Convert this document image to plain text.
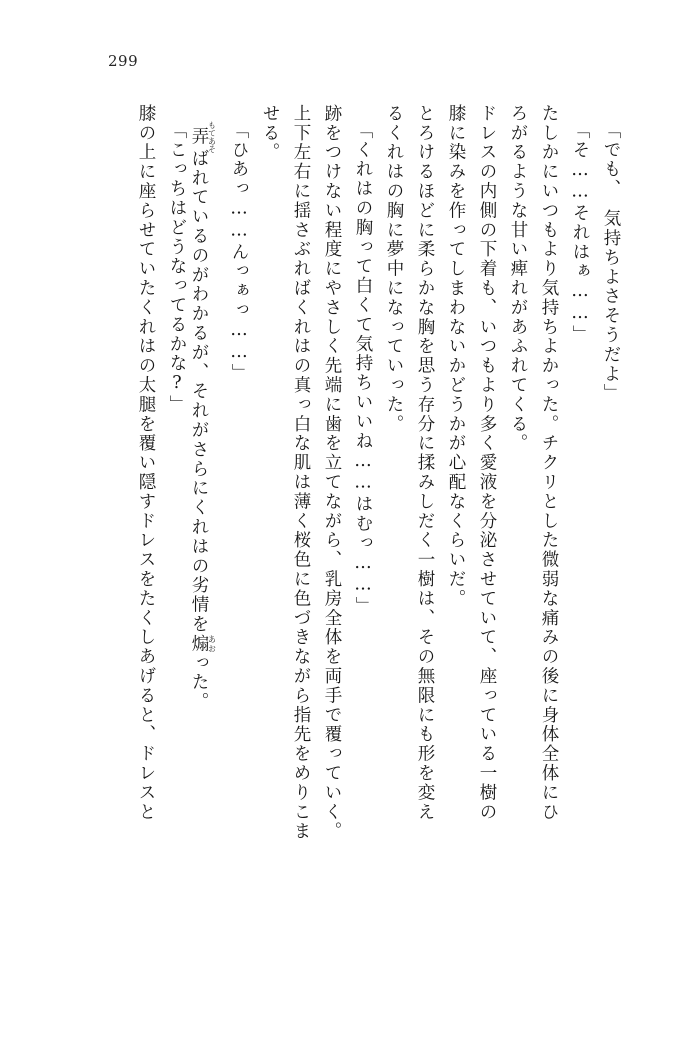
299
「でも、　気持ちよさそうだよ」
「そ……それはぁ……」
たしかにいつもより気持ちよかった。チクリとした微弱な痛みの後に身体全体にひ
ろがるような甘い痺れがあふれてくる。
ドレスの内側の下着も、いつもより多く愛液を分泌させていて、座っている一樹の
膝に染みを作ってしまわないかどうかが心配なくらいだ。
とろけるほどに柔らかな胸を思う存分に揉みしだく一樹は、その無限にも形を変え
るくれはの胸に夢中になっていった。
「くれはの胸って白くて気持ちいいね……はむっ……」
跡をつけない程度にやさしく先端に歯を立てながら、乳房全体を両手で覆っていく。
上下左右に揺さぶればくれはの真っ白な肌は薄く桜色に色づきながら指先をめりこま
せる。
「ひあっ……んっぁっ……」
弄もてあそばれているのがわかるが、それがさらにくれはの劣情を煽あおった。
「こっちはどうなってるかな?」
膝の上に座らせていたくれはの太腿を覆い隠すドレスをたくしあげると、ドレスと
